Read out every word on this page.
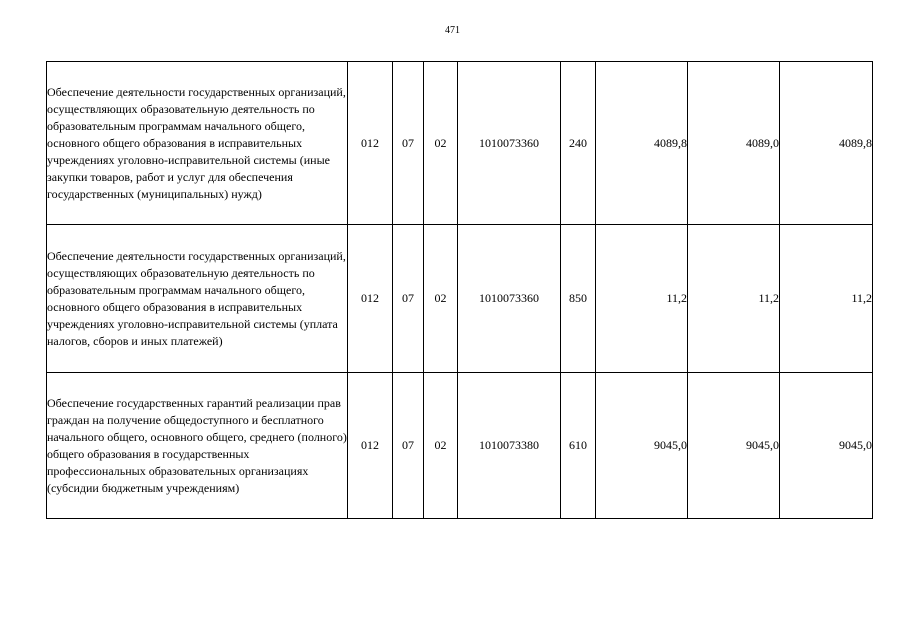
471
Обеспечение деятельности государственных организаций, осуществляющих образовательную деятельность по образовательным программам начального общего, основного общего образования в исправительных учреждениях уголовно-исправительной системы (иные закупки товаров, работ и услуг для обеспечения государственных (муниципальных) нужд)	012	07	02	1010073360	240	4089,8	4089,0	4089,8
Обеспечение деятельности государственных организаций, осуществляющих образовательную деятельность по образовательным программам начального общего, основного общего образования в исправительных учреждениях уголовно-исправительной системы (уплата налогов, сборов и иных платежей)	012	07	02	1010073360	850	11,2	11,2	11,2
Обеспечение государственных гарантий реализации прав граждан на получение общедоступного и бесплатного начального общего, основного общего, среднего (полного) общего образования в государственных профессиональных образовательных организациях (субсидии бюджетным учреждениям)	012	07	02	1010073380	610	9045,0	9045,0	9045,0
